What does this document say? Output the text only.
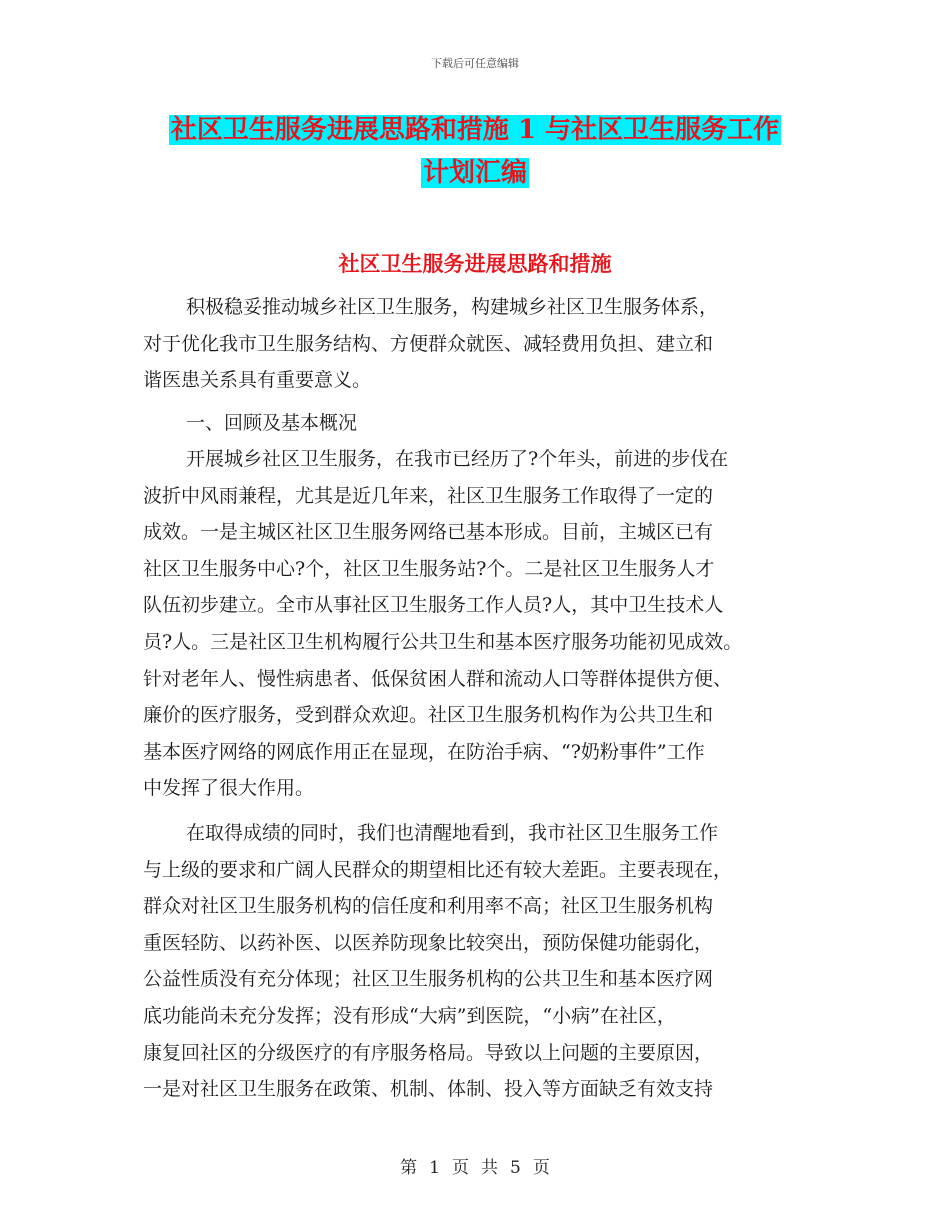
下载后可任意编辑
社区卫生服务进展思路和措施 1 与社区卫生服务工作
计划汇编
社区卫生服务进展思路和措施
积极稳妥推动城乡社区卫生服务，构建城乡社区卫生服务体系，
对于优化我市卫生服务结构、方便群众就医、减轻费用负担、建立和
谐医患关系具有重要意义。
一、回顾及基本概况
开展城乡社区卫生服务，在我市已经历了?个年头，前进的步伐在
波折中风雨兼程，尤其是近几年来，社区卫生服务工作取得了一定的
成效。一是主城区社区卫生服务网络已基本形成。目前，主城区已有
社区卫生服务中心?个，社区卫生服务站?个。二是社区卫生服务人才
队伍初步建立。全市从事社区卫生服务工作人员?人，其中卫生技术人
员?人。三是社区卫生机构履行公共卫生和基本医疗服务功能初见成效。
针对老年人、慢性病患者、低保贫困人群和流动人口等群体提供方便、
廉价的医疗服务，受到群众欢迎。社区卫生服务机构作为公共卫生和
基本医疗网络的网底作用正在显现，在防治手病、“?奶粉事件”工作
中发挥了很大作用。
在取得成绩的同时，我们也清醒地看到，我市社区卫生服务工作
与上级的要求和广阔人民群众的期望相比还有较大差距。主要表现在，
群众对社区卫生服务机构的信任度和利用率不高；社区卫生服务机构
重医轻防、以药补医、以医养防现象比较突出，预防保健功能弱化，
公益性质没有充分体现；社区卫生服务机构的公共卫生和基本医疗网
底功能尚未充分发挥；没有形成“大病”到医院，“小病”在社区，
康复回社区的分级医疗的有序服务格局。导致以上问题的主要原因，
一是对社区卫生服务在政策、机制、体制、投入等方面缺乏有效支持
第 1 页 共 5 页
